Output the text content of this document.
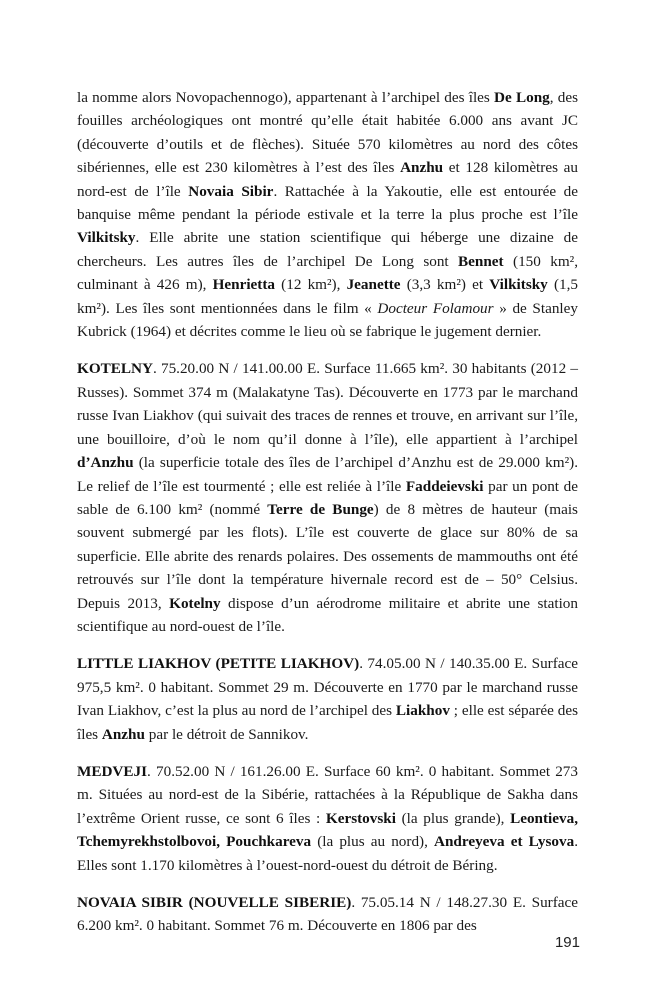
la nomme alors Novopachennogo), appartenant à l’archipel des îles De Long, des fouilles archéologiques ont montré qu’elle était habitée 6.000 ans avant JC (découverte d’outils et de flèches). Située 570 kilomètres au nord des côtes sibériennes, elle est 230 kilomètres à l’est des îles Anzhu et 128 kilomètres au nord-est de l’île Novaia Sibir. Rattachée à la Yakoutie, elle est entourée de banquise même pendant la période estivale et la terre la plus proche est l’île Vilkitsky. Elle abrite une station scientifique qui héberge une dizaine de chercheurs. Les autres îles de l’archipel De Long sont Bennet (150 km², culminant à 426 m), Henrietta (12 km²), Jeanette (3,3 km²) et Vilkitsky (1,5 km²). Les îles sont mentionnées dans le film « Docteur Folamour » de Stanley Kubrick (1964) et décrites comme le lieu où se fabrique le jugement dernier.

KOTELNY. 75.20.00 N / 141.00.00 E. Surface 11.665 km². 30 habitants (2012 – Russes). Sommet 374 m (Malakatyne Tas). Découverte en 1773 par le marchand russe Ivan Liakhov (qui suivait des traces de rennes et trouve, en arrivant sur l’île, une bouilloire, d’où le nom qu’il donne à l’île), elle appartient à l’archipel d’Anzhu (la superficie totale des îles de l’archipel d’Anzhu est de 29.000 km²). Le relief de l’île est tourmenté ; elle est reliée à l’île Faddeievski par un pont de sable de 6.100 km² (nommé Terre de Bunge) de 8 mètres de hauteur (mais souvent submergé par les flots). L’île est couverte de glace sur 80% de sa superficie. Elle abrite des renards polaires. Des ossements de mammouths ont été retrouvés sur l’île dont la température hivernale record est de – 50° Celsius. Depuis 2013, Kotelny dispose d’un aérodrome militaire et abrite une station scientifique au nord-ouest de l’île.

LITTLE LIAKHOV (PETITE LIAKHOV). 74.05.00 N / 140.35.00 E. Surface 975,5 km². 0 habitant. Sommet 29 m. Découverte en 1770 par le marchand russe Ivan Liakhov, c’est la plus au nord de l’archipel des Liakhov ; elle est séparée des îles Anzhu par le détroit de Sannikov.

MEDVEJI. 70.52.00 N / 161.26.00 E. Surface 60 km². 0 habitant. Sommet 273 m. Situées au nord-est de la Sibérie, rattachées à la République de Sakha dans l’extrême Orient russe, ce sont 6 îles : Kerstovski (la plus grande), Leontieva, Tchemyrekhstolbovoi, Pouchkareva (la plus au nord), Andreyeva et Lysova. Elles sont 1.170 kilomètres à l’ouest-nord-ouest du détroit de Béring.

NOVAIA SIBIR (NOUVELLE SIBERIE). 75.05.14 N / 148.27.30 E. Surface 6.200 km². 0 habitant. Sommet 76 m. Découverte en 1806 par des

191
